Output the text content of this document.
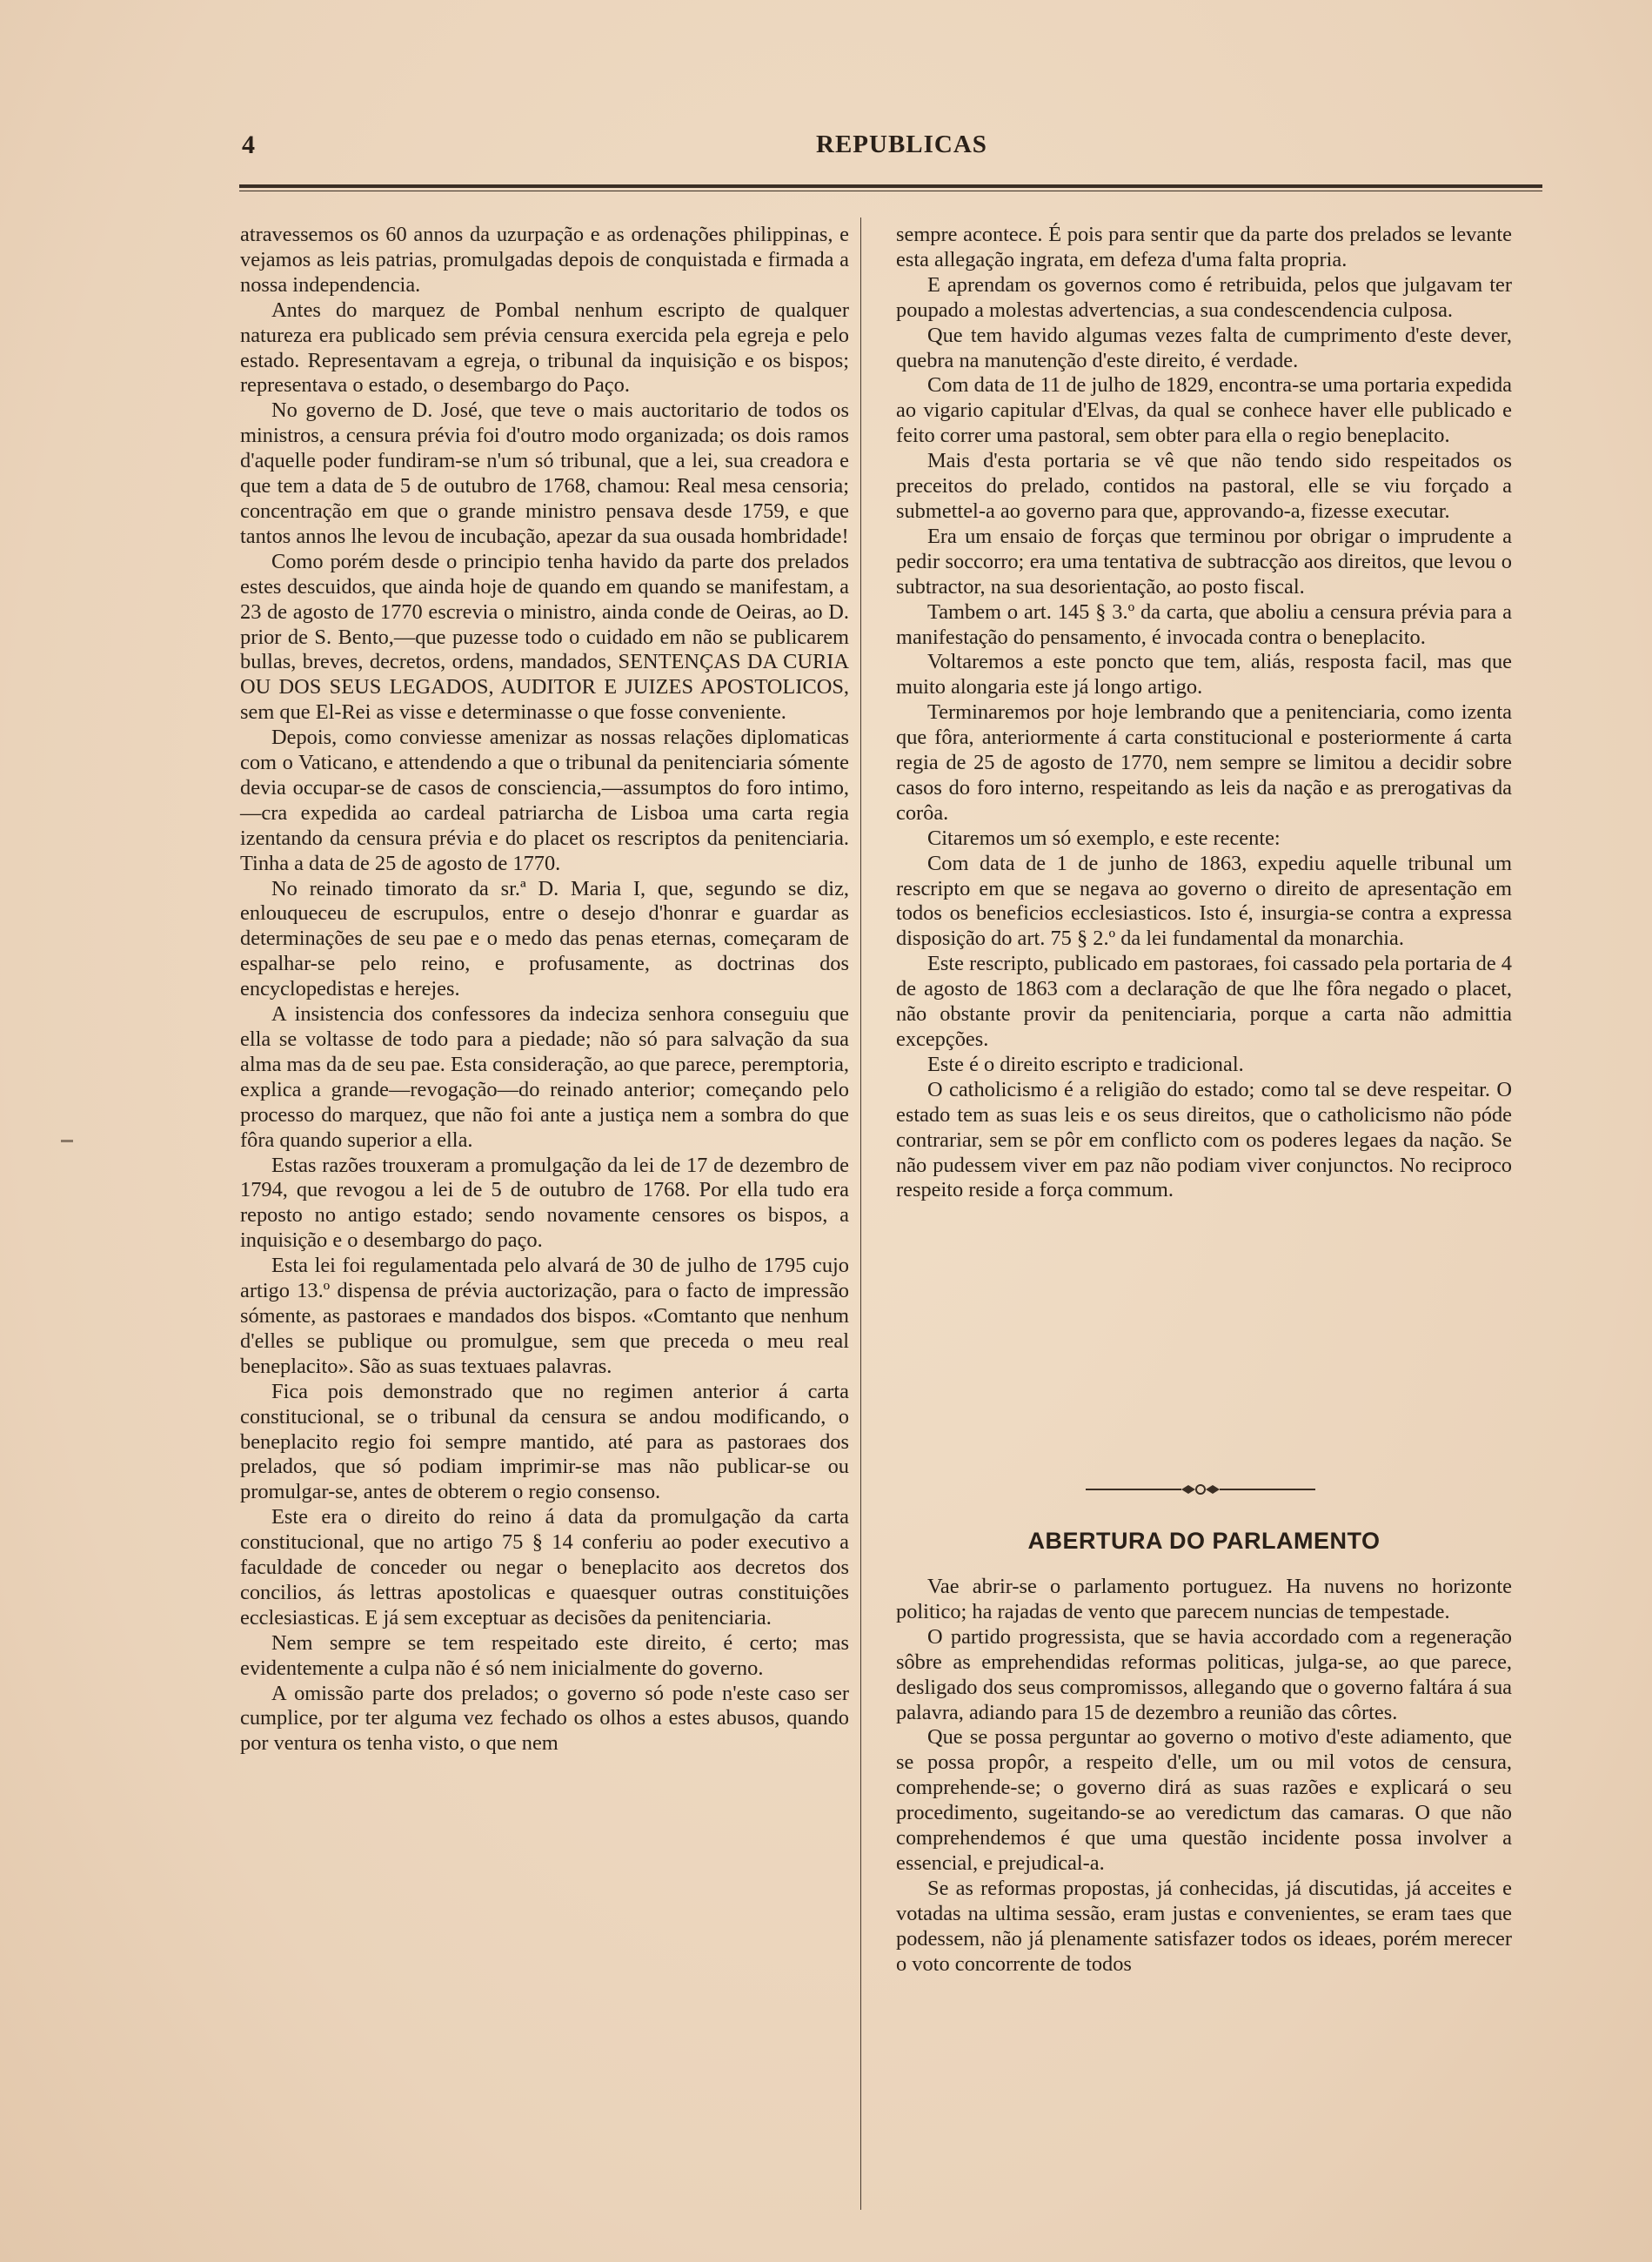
4	REPUBLICAS

atravessemos os 60 annos da uzurpação e as ordenações philippinas, e vejamos as leis patrias, promulgadas depois de conquistada e firmada a nossa independencia.

Antes do marquez de Pombal nenhum escripto de qualquer natureza era publicado sem prévia censura exercida pela egreja e pelo estado. Representavam a egreja, o tribunal da inquisição e os bispos; representava o estado, o desembargo do Paço.

No governo de D. José, que teve o mais auctoritario de todos os ministros, a censura prévia foi d'outro modo organizada; os dois ramos d'aquelle poder fundiram-se n'um só tribunal, que a lei, sua creadora e que tem a data de 5 de outubro de 1768, chamou: Real mesa censoria; concentração em que o grande ministro pensava desde 1759, e que tantos annos lhe levou de incubação, apezar da sua ousada hombridade!

Como porém desde o principio tenha havido da parte dos prelados estes descuidos, que ainda hoje de quando em quando se manifestam, a 23 de agosto de 1770 escrevia o ministro, ainda conde de Oeiras, ao D. prior de S. Bento,—que puzesse todo o cuidado em não se publicarem bullas, breves, decretos, ordens, mandados, SENTENÇAS DA CURIA OU DOS SEUS LEGADOS, AUDITOR E JUIZES APOSTOLICOS, sem que El-Rei as visse e determinasse o que fosse conveniente.

Depois, como conviesse amenizar as nossas relações diplomaticas com o Vaticano, e attendendo a que o tribunal da penitenciaria sómente devia occupar-se de casos de consciencia,—assumptos do foro intimo, —cra expedida ao cardeal patriarcha de Lisboa uma carta regia izentando da censura prévia e do placet os rescriptos da penitenciaria. Tinha a data de 25 de agosto de 1770.

No reinado timorato da sr.ª D. Maria I, que, segundo se diz, enlouqueceu de escrupulos, entre o desejo d'honrar e guardar as determinações de seu pae e o medo das penas eternas, começaram de espalhar-se pelo reino, e profusamente, as doctrinas dos encyclopedistas e herejes.

A insistencia dos confessores da indeciza senhora conseguiu que ella se voltasse de todo para a piedade; não só para salvação da sua alma mas da de seu pae. Esta consideração, ao que parece, peremptoria, explica a grande—revogação—do reinado anterior; começando pelo processo do marquez, que não foi ante a justiça nem a sombra do que fôra quando superior a ella.

Estas razões trouxeram a promulgação da lei de 17 de dezembro de 1794, que revogou a lei de 5 de outubro de 1768. Por ella tudo era reposto no antigo estado; sendo novamente censores os bispos, a inquisição e o desembargo do paço.

Esta lei foi regulamentada pelo alvará de 30 de julho de 1795 cujo artigo 13.º dispensa de prévia auctorização, para o facto de impressão sómente, as pastoraes e mandados dos bispos. «Comtanto que nenhum d'elles se publique ou promulgue, sem que preceda o meu real beneplacito». São as suas textuaes palavras.

Fica pois demonstrado que no regimen anterior á carta constitucional, se o tribunal da censura se andou modificando, o beneplacito regio foi sempre mantido, até para as pastoraes dos prelados, que só podiam imprimir-se mas não publicar-se ou promulgar-se, antes de obterem o regio consenso.

Este era o direito do reino á data da promulgação da carta constitucional, que no artigo 75 § 14 conferiu ao poder executivo a faculdade de conceder ou negar o beneplacito aos decretos dos concilios, ás lettras apostolicas e quaesquer outras constituições ecclesiasticas. E já sem exceptuar as decisões da penitenciaria.

Nem sempre se tem respeitado este direito, é certo; mas evidentemente a culpa não é só nem inicialmente do governo.

A omissão parte dos prelados; o governo só pode n'este caso ser cumplice, por ter alguma vez fechado os olhos a estes abusos, quando por ventura os tenha visto, o que nem

sempre acontece. É pois para sentir que da parte dos prelados se levante esta allegação ingrata, em defeza d'uma falta propria.

E aprendam os governos como é retribuida, pelos que julgavam ter poupado a molestas advertencias, a sua condescendencia culposa.

Que tem havido algumas vezes falta de cumprimento d'este dever, quebra na manutenção d'este direito, é verdade.

Com data de 11 de julho de 1829, encontra-se uma portaria expedida ao vigario capitular d'Elvas, da qual se conhece haver elle publicado e feito correr uma pastoral, sem obter para ella o regio beneplacito.

Mais d'esta portaria se vê que não tendo sido respeitados os preceitos do prelado, contidos na pastoral, elle se viu forçado a submettel-a ao governo para que, approvando-a, fizesse executar.

Era um ensaio de forças que terminou por obrigar o imprudente a pedir soccorro; era uma tentativa de subtracção aos direitos, que levou o subtractor, na sua desorientação, ao posto fiscal.

Tambem o art. 145 § 3.º da carta, que aboliu a censura prévia para a manifestação do pensamento, é invocada contra o beneplacito.

Voltaremos a este poncto que tem, aliás, resposta facil, mas que muito alongaria este já longo artigo.

Terminaremos por hoje lembrando que a penitenciaria, como izenta que fôra, anteriormente á carta constitucional e posteriormente á carta regia de 25 de agosto de 1770, nem sempre se limitou a decidir sobre casos do foro interno, respeitando as leis da nação e as prerogativas da corôa.

Citaremos um só exemplo, e este recente:

Com data de 1 de junho de 1863, expediu aquelle tribunal um rescripto em que se negava ao governo o direito de apresentação em todos os beneficios ecclesiasticos. Isto é, insurgia-se contra a expressa disposição do art. 75 § 2.º da lei fundamental da monarchia.

Este rescripto, publicado em pastoraes, foi cassado pela portaria de 4 de agosto de 1863 com a declaração de que lhe fôra negado o placet, não obstante provir da penitenciaria, porque a carta não admittia excepções.

Este é o direito escripto e tradicional.

O catholicismo é a religião do estado; como tal se deve respeitar. O estado tem as suas leis e os seus direitos, que o catholicismo não póde contrariar, sem se pôr em conflicto com os poderes legaes da nação. Se não pudessem viver em paz não podiam viver conjunctos. No reciproco respeito reside a força commum.

ABERTURA DO PARLAMENTO

Vae abrir-se o parlamento portuguez. Ha nuvens no horizonte politico; ha rajadas de vento que parecem nuncias de tempestade.

O partido progressista, que se havia accordado com a regeneração sôbre as emprehendidas reformas politicas, julga-se, ao que parece, desligado dos seus compromissos, allegando que o governo faltára á sua palavra, adiando para 15 de dezembro a reunião das côrtes.

Que se possa perguntar ao governo o motivo d'este adiamento, que se possa propôr, a respeito d'elle, um ou mil votos de censura, comprehende-se; o governo dirá as suas razões e explicará o seu procedimento, sugeitando-se ao veredictum das camaras. O que não comprehendemos é que uma questão incidente possa involver a essencial, e prejudical-a.

Se as reformas propostas, já conhecidas, já discutidas, já acceites e votadas na ultima sessão, eram justas e convenientes, se eram taes que podessem, não já plenamente satisfazer todos os ideaes, porém merecer o voto concorrente de todos
